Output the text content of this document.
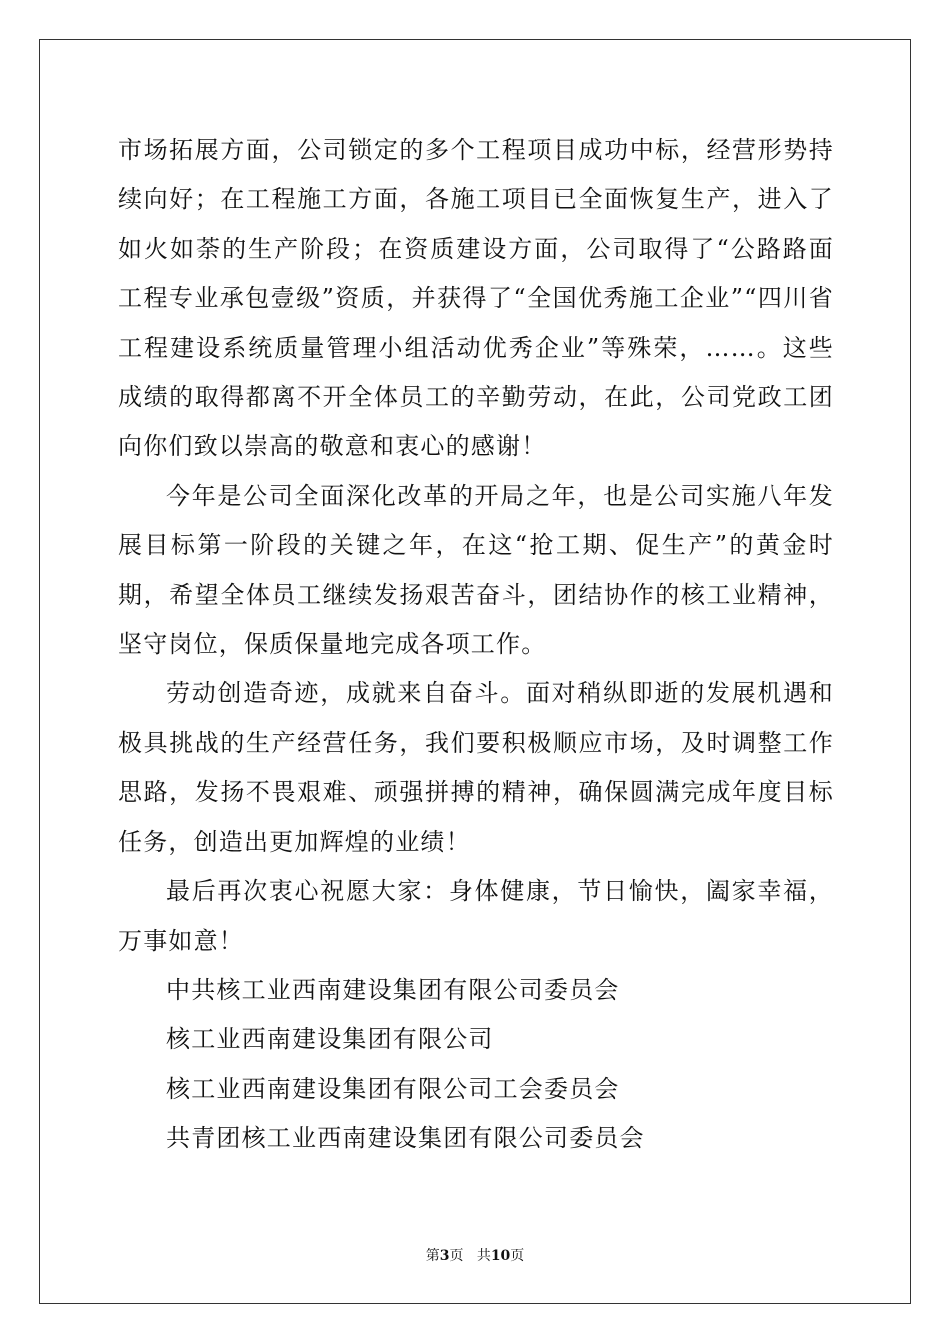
市场拓展方面，公司锁定的多个工程项目成功中标，经营形势持续向好；在工程施工方面，各施工项目已全面恢复生产，进入了如火如荼的生产阶段；在资质建设方面，公司取得了“公路路面工程专业承包壹级”资质，并获得了“全国优秀施工企业”“四川省工程建设系统质量管理小组活动优秀企业”等殊荣，……。这些成绩的取得都离不开全体员工的辛勤劳动，在此，公司党政工团向你们致以崇高的敬意和衷心的感谢！

今年是公司全面深化改革的开局之年，也是公司实施八年发展目标第一阶段的关键之年，在这“抢工期、促生产”的黄金时期，希望全体员工继续发扬艰苦奋斗，团结协作的核工业精神，坚守岗位，保质保量地完成各项工作。

劳动创造奇迹，成就来自奋斗。面对稍纵即逝的发展机遇和极具挑战的生产经营任务，我们要积极顺应市场，及时调整工作思路，发扬不畏艰难、顽强拼搏的精神，确保圆满完成年度目标任务，创造出更加辉煌的业绩！

最后再次衷心祝愿大家：身体健康，节日愉快，阖家幸福，万事如意！

中共核工业西南建设集团有限公司委员会

核工业西南建设集团有限公司

核工业西南建设集团有限公司工会委员会

共青团核工业西南建设集团有限公司委员会

第3页 共10页
